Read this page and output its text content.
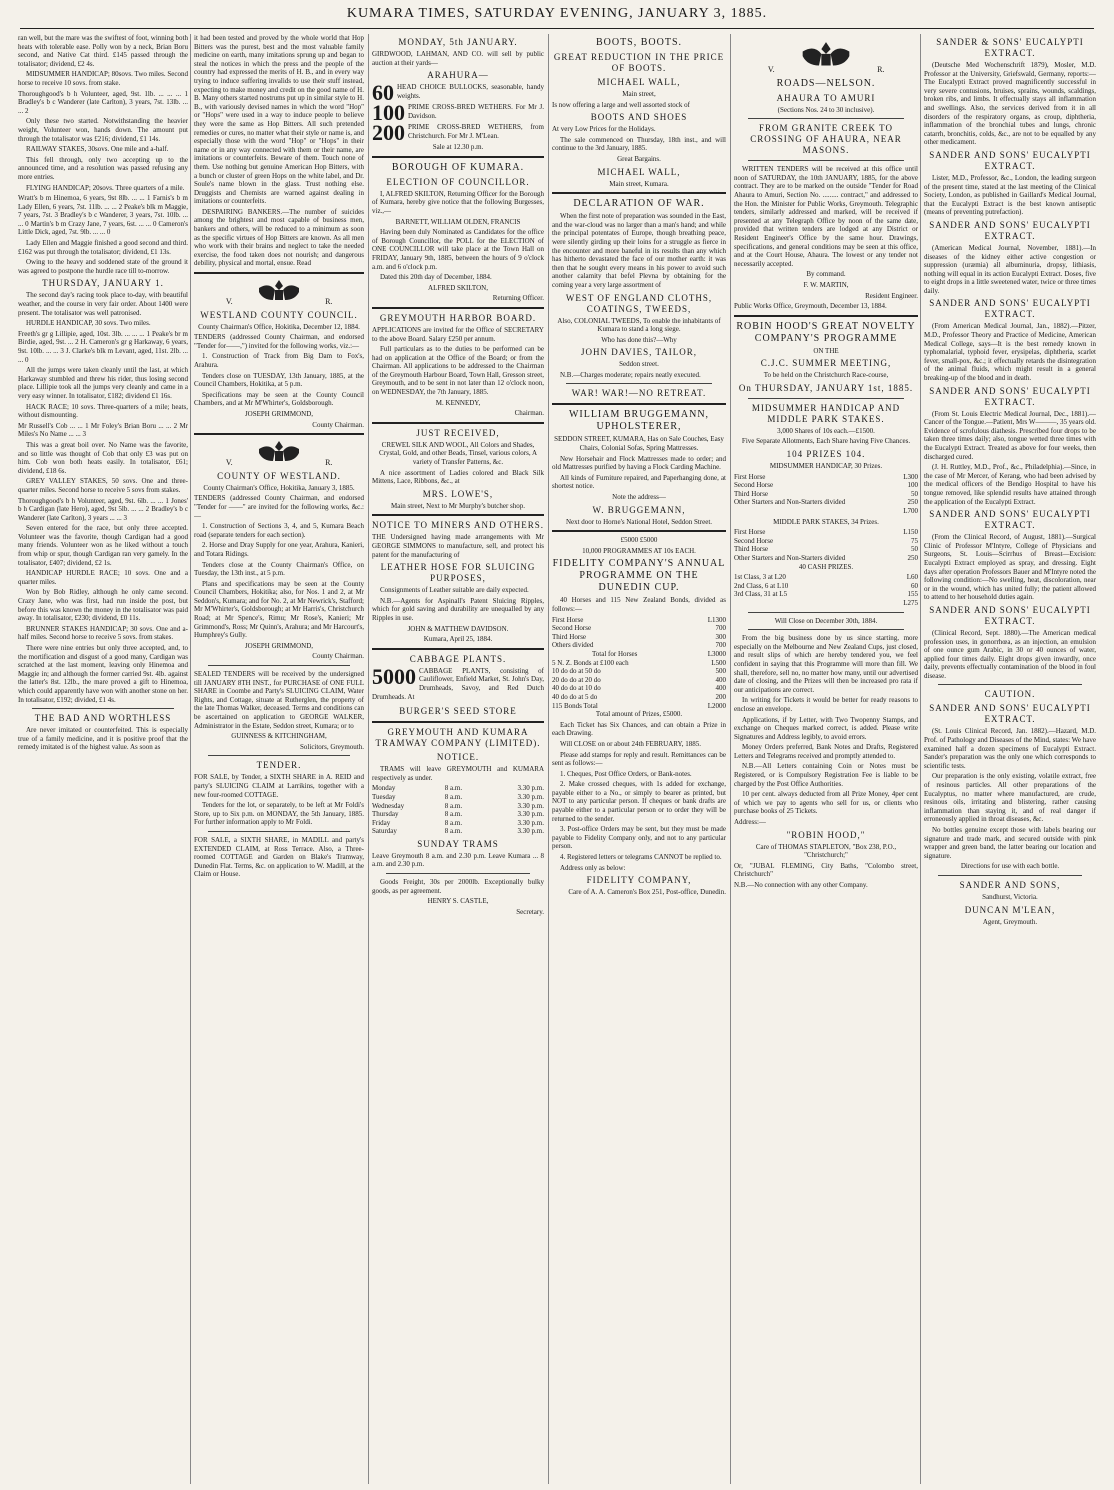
KUMARA TIMES, SATURDAY EVENING, JANUARY 3, 1885.

ran well, but the mare was the swiftest of foot, winning both heats with tolerable ease. Polly won by a neck, Brian Boru second, and Native Cat third. £145 passed through the totalisator; dividend, £2 4s.

MIDSUMMER HANDICAP; 80sovs. Two miles. Second horse to receive 10 sovs. from stake.

Thoroughgood's b h Volunteer, aged, 9st. 1lb. ... ... ... 1 Bradley's b c Wanderer (late Carlton), 3 years, 7st. 13lb. ... ... 2

Only these two started. Notwithstanding the heavier weight, Volunteer won, hands down. The amount put through the totalisator was £216; dividend, £1 14s.

RAILWAY STAKES, 30sovs. One mile and a-half.

This fell through, only two accepting up to the announced time, and a resolution was passed refusing any more entries.

FLYING HANDICAP; 20sovs. Three quarters of a mile.

Wratt's b m Hinemoa, 6 years, 9st 8lb. ... ... 1 Farnis's b m Lady Ellen, 6 years, 7st. 11lb. ... ... 2 Peake's blk m Maggie, 7 years, 7st. 3 Bradley's b c Wanderer, 3 years, 7st. 10lb. ... ... 0 Martin's b m Crazy Jane, 7 years, 6st. ... ... 0 Cameron's Little Dick, aged, 7st. 9lb. ... ... 0

Lady Ellen and Maggie finished a good second and third. £162 was put through the totalisator; dividend, £1 13s.

Owing to the heavy and soddened state of the ground it was agreed to postpone the hurdle race till to-morrow.

THURSDAY, JANUARY 1.

The second day's racing took place to-day, with beautiful weather, and the course in very fair order. About 1400 were present. The totalisator was well patronised.

HURDLE HANDICAP, 30 sovs. Two miles.

Freeth's gr g Lillipie, aged, 10st. 3lb. ... ... ... 1 Peake's br m Birdie, aged, 9st. ... 2 H. Cameron's gr g Harkaway, 6 years, 9st. 10lb. ... ... 3 J. Clarke's blk m Levant, aged, 11st. 2lb. ... ... 0

All the jumps were taken cleanly until the last, at which Harkaway stumbled and threw his rider, thus losing second place. Lillipie took all the jumps very cleanly and came in a very easy winner. In totalisator, £182; dividend £1 16s.

HACK RACE; 10 sovs. Three-quarters of a mile; heats, without dismounting.

Mr Russell's Cob ... ... 1 Mr Foley's Brian Boru ... ... 2 Mr Miles's No Name ... ... 3

This was a great boil over. No Name was the favorite, and so little was thought of Cob that only £3 was put on him. Cob won both heats easily. In totalisator, £61; dividend, £18 6s.

GREY VALLEY STAKES, 50 sovs. One and three-quarter miles. Second horse to receive 5 sovs from stakes.

Thoroughgood's b h Volunteer, aged, 9st. 6lb. ... ... 1 Jones' b h Cardigan (late Hero), aged, 9st 5lb. ... ... 2 Bradley's b c Wanderer (late Carlton), 3 years ... ... 3

Seven entered for the race, but only three accepted. Volunteer was the favorite, though Cardigan had a good many friends. Volunteer won as he liked without a touch from whip or spur, though Cardigan ran very gamely. In the totalisator, £407; dividend, £2 1s.

HANDICAP HURDLE RACE; 10 sovs. One and a quarter miles.

Won by Bob Ridley, although he only came second. Crazy Jane, who was first, had run inside the post, but before this was known the money in the totalisator was paid away. In totalisator, £230; dividend, £0 11s.

BRUNNER STAKES HANDICAP; 30 sovs. One and a-half miles. Second horse to receive 5 sovs. from stakes.

There were nine entries but only three accepted, and, to the mortification and disgust of a good many, Cardigan was scratched at the last moment, leaving only Hinemoa and Maggie in; and although the former carried 9st. 4lb. against the latter's 8st. 12lb., the mare proved a gift to Hinemoa, which could apparently have won with another stone on her. In totalisator, £192; divided, £1 4s.

THE BAD AND WORTHLESS

Are never imitated or counterfeited. This is especially true of a family medicine, and it is positive proof that the remedy imitated is of the highest value. As soon as

it had been tested and proved by the whole world that Hop Bitters was the purest, best and the most valuable family medicine on earth, many imitations sprung up and began to steal the notices in which the press and the people of the country had expressed the merits of H. B., and in every way trying to induce suffering invalids to use their stuff instead, expecting to make money and credit on the good name of H. B. Many others started nostrums put up in similar style to H. B., with variously devised names in which the word "Hop" or "Hops" were used in a way to induce people to believe they were the same as Hop Bitters. All such pretended remedies or cures, no matter what their style or name is, and especially those with the word "Hop" or "Hops" in their name or in any way connected with them or their name, are imitations or counterfeits. Beware of them. Touch none of them. Use nothing but genuine American Hop Bitters, with a bunch or cluster of green Hops on the white label, and Dr. Soule's name blown in the glass. Trust nothing else. Druggists and Chemists are warned against dealing in imitations or counterfeits.

DESPAIRING BANKERS.—The number of suicides among the brightest and most capable of business men, bankers and others, will be reduced to a minimum as soon as the specific virtues of Hop Bitters are known. As all men who work with their brains and neglect to take the needed exercise, the food taken does not nourish; and dangerous debility, physical and mortal, ensue. Read

V.	R.
WESTLAND COUNTY COUNCIL.

County Chairman's Office, Hokitika, December 12, 1884.

TENDERS (addressed County Chairman, and endorsed "Tender for——,") invited for the following works, viz.:—

1. Construction of Track from Big Dam to Fox's, Arahura.

Tenders close on TUESDAY, 13th January, 1885, at the Council Chambers, Hokitika, at 5 p.m.

Specifications may be seen at the County Council Chambers, and at Mr M'Whirter's, Goldsborough.

JOSEPH GRIMMOND,

County Chairman.

V.	R.
COUNTY OF WESTLAND.

County Chairman's Office, Hokitika, January 3, 1885.

TENDERS (addressed County Chairman, and endorsed "Tender for ——" are invited for the following works, &c.:—

1. Construction of Sections 3, 4, and 5, Kumara Beach road (separate tenders for each section).

2. Horse and Dray Supply for one year, Arahura, Kanieri, and Totara Ridings.

Tenders close at the County Chairman's Office, on Tuesday, the 13th inst., at 5 p.m.

Plans and specifications may be seen at the County Council Chambers, Hokitika; also, for Nos. 1 and 2, at Mr Seddon's, Kumara; and for No. 2, at Mr Newrick's, Stafford; Mr M'Whirter's, Goldsborough; at Mr Harris's, Christchurch Road; at Mr Spence's, Rimu; Mr Rose's, Kanieri; Mr Grimmond's, Ross; Mr Quinn's, Arahura; and Mr Harcourt's, Humphrey's Gully.

JOSEPH GRIMMOND,

County Chairman.

SEALED TENDERS will be received by the undersigned till JANUARY 8TH INST., for PURCHASE of ONE FULL SHARE in Coombe and Party's SLUICING CLAIM, Water Rights, and Cottage, situate at Rutherglen, the property of the late Thomas Walker, deceased. Terms and conditions can be ascertained on application to GEORGE WALKER, Administrator in the Estate, Seddon street, Kumara; or to

GUINNESS & KITCHINGHAM,

Solicitors, Greymouth.

TENDER.

FOR SALE, by Tender, a SIXTH SHARE in A. REID and party's SLUICING CLAIM at Larrikins, together with a new four-roomed COTTAGE.

Tenders for the lot, or separately, to be left at Mr Foldi's Store, up to Six p.m. on MONDAY, the 5th January, 1885. For further information apply to Mr Foldi.

FOR SALE, a SIXTH SHARE, in MADILL and party's EXTENDED CLAIM, at Ross Terrace. Also, a Three-roomed COTTAGE and Garden on Blake's Tramway, Dunedin Flat. Terms, &c. on application to W. Madill, at the Claim or House.

MONDAY, 5th JANUARY.

GIRDWOOD, LAHMAN, AND CO. will sell by public auction at their yards—

ARAHURA—
60 HEAD CHOICE BULLOCKS, seasonable, handy weights.

100 PRIME CROSS-BRED WETHERS. For Mr J. Davidson.

200 PRIME CROSS-BRED WETHERS, from Christchurch. For Mr J. M'Lean.

Sale at 12.30 p.m.

BOROUGH OF KUMARA.
ELECTION OF COUNCILLOR.

I, ALFRED SKILTON, Returning Officer for the Borough of Kumara, hereby give notice that the following Burgesses, viz.,—

BARNETT, WILLIAM OLDEN, FRANCIS

Having been duly Nominated as Candidates for the office of Borough Councillor, the POLL for the ELECTION of ONE COUNCILLOR will take place at the Town Hall on FRIDAY, January 9th, 1885, between the hours of 9 o'clock a.m. and 6 o'clock p.m.

Dated this 20th day of December, 1884.

ALFRED SKILTON,

Returning Officer.

GREYMOUTH HARBOR BOARD.

APPLICATIONS are invited for the Office of SECRETARY to the above Board. Salary £250 per annum.

Full particulars as to the duties to be performed can be had on application at the Office of the Board; or from the Chairman. All applications to be addressed to the Chairman of the Greymouth Harbour Board, Town Hall, Gresson street, Greymouth, and to be sent in not later than 12 o'clock noon, on WEDNESDAY, the 7th January, 1885.

M. KENNEDY,

Chairman.

JUST RECEIVED,

CREWEL SILK AND WOOL, All Colors and Shades, Crystal, Gold, and other Beads, Tinsel, various colors, A variety of Transfer Patterns, &c.

A nice assortment of Ladies colored and Black Silk Mittens, Lace, Ribbons, &c., at

MRS. LOWE'S,

Main street, Next to Mr Murphy's butcher shop.

NOTICE TO MINERS AND OTHERS.

THE Undersigned having made arrangements with Mr GEORGE SIMMONS to manufacture, sell, and protect his patent for the manufacturing of

LEATHER HOSE FOR SLUICING PURPOSES,

Consignments of Leather suitable are daily expected.

N.B.—Agents for Aspinall's Patent Sluicing Ripples, which for gold saving and durability are unequalled by any Ripples in use.

JOHN & MATTHEW DAVIDSON.

Kumara, April 25, 1884.

CABBAGE PLANTS.
5000 CABBAGE PLANTS, consisting of Cauliflower, Enfield Market, St. John's Day, Drumheads, Savoy, and Red Dutch Drumheads. At

BURGER'S SEED STORE
GREYMOUTH AND KUMARA TRAMWAY COMPANY (LIMITED).
NOTICE.

TRAMS will leave GREYMOUTH and KUMARA respectively as under.

Monday	8 a.m.	3.30 p.m.
Tuesday	8 a.m.	3.30 p.m.
Wednesday	8 a.m.	3.30 p.m.
Thursday	8 a.m.	3.30 p.m.
Friday	8 a.m.	3.30 p.m.
Saturday	8 a.m.	3.30 p.m.
SUNDAY TRAMS

Leave Greymouth 8 a.m. and 2.30 p.m. Leave Kumara ... 8 a.m. and 2.30 p.m.

Goods Freight, 30s per 2000lb. Exceptionally bulky goods, as per agreement.

HENRY S. CASTLE,

Secretary.

BOOTS, BOOTS.
GREAT REDUCTION IN THE PRICE OF BOOTS.
MICHAEL WALL,

Main street,

Is now offering a large and well assorted stock of

BOOTS AND SHOES

At very Low Prices for the Holidays.

The sale commenced on Thursday, 18th inst., and will continue to the 3rd January, 1885.

Great Bargains.

MICHAEL WALL,

Main street, Kumara.

DECLARATION OF WAR.

When the first note of preparation was sounded in the East, and the war-cloud was no larger than a man's hand; and while the principal potentates of Europe, though breathing peace, were silently girding up their loins for a struggle as fierce in the encounter and more baneful in its results than any which has hitherto devastated the face of our mother earth: it was then that he sought every means in his power to avoid such another calamity that befel Plevna by obtaining for the coming year a very large assortment of

WEST OF ENGLAND CLOTHS, COATINGS, TWEEDS,

Also, COLONIAL TWEEDS, To enable the inhabitants of Kumara to stand a long siege.

Who has done this?—Why

JOHN DAVIES, TAILOR,

Seddon street.

N.B.—Charges moderate; repairs neatly executed.

WAR! WAR!—NO RETREAT.
WILLIAM BRUGGEMANN, UPHOLSTERER,

SEDDON STREET, KUMARA, Has on Sale Couches, Easy Chairs, Colonial Sofas, Spring Mattresses.

New Horsehair and Flock Mattresses made to order; and old Mattresses purified by having a Flock Carding Machine.

All kinds of Furniture repaired, and Paperhanging done, at shortest notice.

Note the address—

W. BRUGGEMANN,

Next door to Horne's National Hotel, Seddon Street.

£5000 £5000

10,000 PROGRAMMES AT 10s EACH.

FIDELITY COMPANY'S ANNUAL PROGRAMME ON THE DUNEDIN CUP.

40 Horses and 115 New Zealand Bonds, divided as follows:—

First Horse	L1300
Second Horse	700
Third Horse	300
Others divided	700
Total for Horses	L3000
5 N. Z. Bonds at £100 each	L500
10 do do at 50 do	500
20 do do at 20 do	400
40 do do at 10 do	400
40 do do at 5 do	200
115 Bonds Total	L2000

Total amount of Prizes, £5000.

Each Ticket has Six Chances, and can obtain a Prize in each Drawing.

Will CLOSE on or about 24th FEBRUARY, 1885.

Please add stamps for reply and result. Remittances can be sent as follows:—

1. Cheques, Post Office Orders, or Bank-notes.

2. Make crossed cheques, with 1s added for exchange, payable either to a No., or simply to bearer as printed, but NOT to any particular person. If cheques or bank drafts are payable either to a particular person or to order they will be returned to the sender.

3. Post-office Orders may be sent, but they must be made payable to Fidelity Company only, and not to any particular person.

4. Registered letters or telegrams CANNOT be replied to.

Address only as below:

FIDELITY COMPANY,

Care of A. A. Cameron's Box 251, Post-office, Dunedin.

V.	R.
ROADS—NELSON.
AHAURA TO AMURI

(Sections Nos. 24 to 30 inclusive).

FROM GRANITE CREEK TO CROSSING OF AHAURA, NEAR MASONS.

WRITTEN TENDERS will be received at this office until noon of SATURDAY, the 10th JANUARY, 1885, for the above contract. They are to be marked on the outside "Tender for Road Ahaura to Amuri, Section No. ......... contract," and addressed to the Hon. the Minister for Public Works, Greymouth. Telegraphic tenders, similarly addressed and marked, will be received if presented at any Telegraph Office by noon of the same date, provided that written tenders are lodged at any District or Resident Engineer's Office by the same hour. Drawings, specifications, and general conditions may be seen at this office, and at the Court House, Ahaura. The lowest or any tender not necessarily accepted.

By command.

F. W. MARTIN,

Resident Engineer.

Public Works Office, Greymouth, December 13, 1884.

ROBIN HOOD'S GREAT NOVELTY COMPANY'S PROGRAMME

ON THE

C.J.C. SUMMER MEETING,

To be held on the Christchurch Race-course,

On THURSDAY, JANUARY 1st, 1885.
MIDSUMMER HANDICAP AND MIDDLE PARK STAKES.

3,000 Shares of 10s each.—£1500.

Five Separate Allotments, Each Share having Five Chances.

104 PRIZES 104.

MIDSUMMER HANDICAP, 30 Prizes.

First Horse	L300
Second Horse	100
Third Horse	50
Other Starters and Non-Starters divided	250

L700

MIDDLE PARK STAKES, 34 Prizes.

First Horse	L150
Second Horse	75
Third Horse	50
Other Starters and Non-Starters divided	250

40 CASH PRIZES.

1st Class, 3 at L20	L60
2nd Class, 6 at L10	60
3rd Class, 31 at L5	155

L275

Will Close on December 30th, 1884.

From the big business done by us since starting, more especially on the Melbourne and New Zealand Cups, just closed, and result slips of which are hereby tendered you, we feel confident in saying that this Programme will more than fill. We shall, therefore, sell no, no matter how many, until our advertised date of closing, and the Prizes will then be increased pro rata if our anticipations are correct.

In writing for Tickets it would be better for ready reasons to enclose an envelope.

Applications, if by Letter, with Two Twopenny Stamps, and exchange on Cheques marked correct, is added. Please write Signatures and Address legibly, to avoid errors.

Money Orders preferred, Bank Notes and Drafts, Registered Letters and Telegrams received and promptly attended to.

N.B.—All Letters containing Coin or Notes must be Registered, or is Compulsory Registration Fee is liable to be charged by the Post Office Authorities.

10 per cent. always deducted from all Prize Money, 4per cent of which we pay to agents who sell for us, or clients who purchase books of 25 Tickets.

Address:—

"ROBIN HOOD,"

Care of THOMAS STAPLETON, "Box 238, P.O., "Christchurch;"

Or, "JUBAL FLEMING, City Baths, "Colombo street, Christchurch"

N.B.—No connection with any other Company.

SANDER & SONS' EUCALYPTI EXTRACT.

(Deutsche Med Wochenschrift 1879), Mosler, M.D. Professor at the University, Griefswald, Germany, reports:—The Eucalypti Extract proved magnificently successful in very severe contusions, bruises, sprains, wounds, scaldings, broken ribs, and limbs. It effectually stays all inflammation and swellings. Also, the services derived from it in all disorders of the respiratory organs, as croup, diphtheria, inflammation of the bronchial tubes and lungs, chronic catarrh, bronchitis, colds, &c., are not to be equalled by any other medicament.

SANDER AND SONS' EUCALYPTI EXTRACT.

Lister, M.D., Professor, &c., London, the leading surgeon of the present time, stated at the last meeting of the Clinical Society, London, as published in Gaillard's Medical Journal, that the Eucalypti Extract is the best known antiseptic (means of preventing putrefaction).

SANDER AND SONS' EUCALYPTI EXTRACT.

(American Medical Journal, November, 1881).—In diseases of the kidney either active congestion or suppression (uræmia) all albuminuria, dropsy, lithiasis, nothing will equal in its action Eucalypti Extract. Doses, five to eight drops in a little sweetened water, twice or three times daily.

SANDER AND SONS' EUCALYPTI EXTRACT.

(From American Medical Journal, Jan., 1882).—Pitzer, M.D., Professor Theory and Practice of Medicine, American Medical College, says—It is the best remedy known in typhomalarial, typhoid fever, erysipelas, diphtheria, scarlet fever, small-pox, &c.; it effectually retards the disintegration of the animal fluids, which might result in a general breaking-up of the blood and in death.

SANDER AND SONS' EUCALYPTI EXTRACT.

(From St. Louis Electric Medical Journal, Dec., 1881).—Cancer of the Tongue.—Patient, Mrs W———, 35 years old. Evidence of scrofulous diathesis. Prescribed four drops to be taken three times daily; also, tongue wetted three times with the Eucalypti Extract. Treated as above for four weeks, then discharged cured.

(J. H. Ruttley, M.D., Prof., &c., Philadelphia).—Since, in the case of Mr Mercer, of Kerang, who had been advised by the medical officers of the Bendigo Hospital to have his tongue removed, like splendid results have attained through the application of the Eucalypti Extract.

SANDER AND SONS' EUCALYPTI EXTRACT.

(From the Clinical Record, of August, 1881).—Surgical Clinic of Professor M'Intyre, College of Physicians and Surgeons, St. Louis—Scirrhus of Breast—Excision: Eucalypti Extract employed as spray, and dressing. Eight days after operation Professors Bauer and M'Intyre noted the following condition:—No swelling, heat, discoloration, near or in the wound, which has united fully; the patient allowed to attend to her household duties again.

SANDER AND SONS' EUCALYPTI EXTRACT.

(Clinical Record, Sept. 1880).—The American medical profession uses, in gonorrhœa, as an injection, an emulsion of one ounce gum Arabic, in 30 or 40 ounces of water, applied four times daily. Eight drops given inwardly, once daily, prevents effectually contamination of the blood in foul disease.

CAUTION.
SANDER AND SONS' EUCALYPTI EXTRACT.

(St. Louis Clinical Record, Jan. 1882).—Hazard, M.D. Prof. of Pathology and Diseases of the Mind, states: We have examined half a dozen specimens of Eucalypti Extract. Sander's preparation was the only one which corresponds to scientific tests.

Our preparation is the only existing, volatile extract, free of resinous particles. All other preparations of the Eucalyptus, no matter where manufactured, are crude, resinous oils, irritating and blistering, rather causing inflammation than staying it, and of real danger if erroneously applied in throat diseases, &c.

No bottles genuine except those with labels bearing our signature and trade mark, and secured outside with pink wrapper and green band, the latter bearing our location and signature.

Directions for use with each bottle.

SANDER AND SONS,

Sandhurst, Victoria.

DUNCAN M'LEAN,

Agent, Greymouth.
